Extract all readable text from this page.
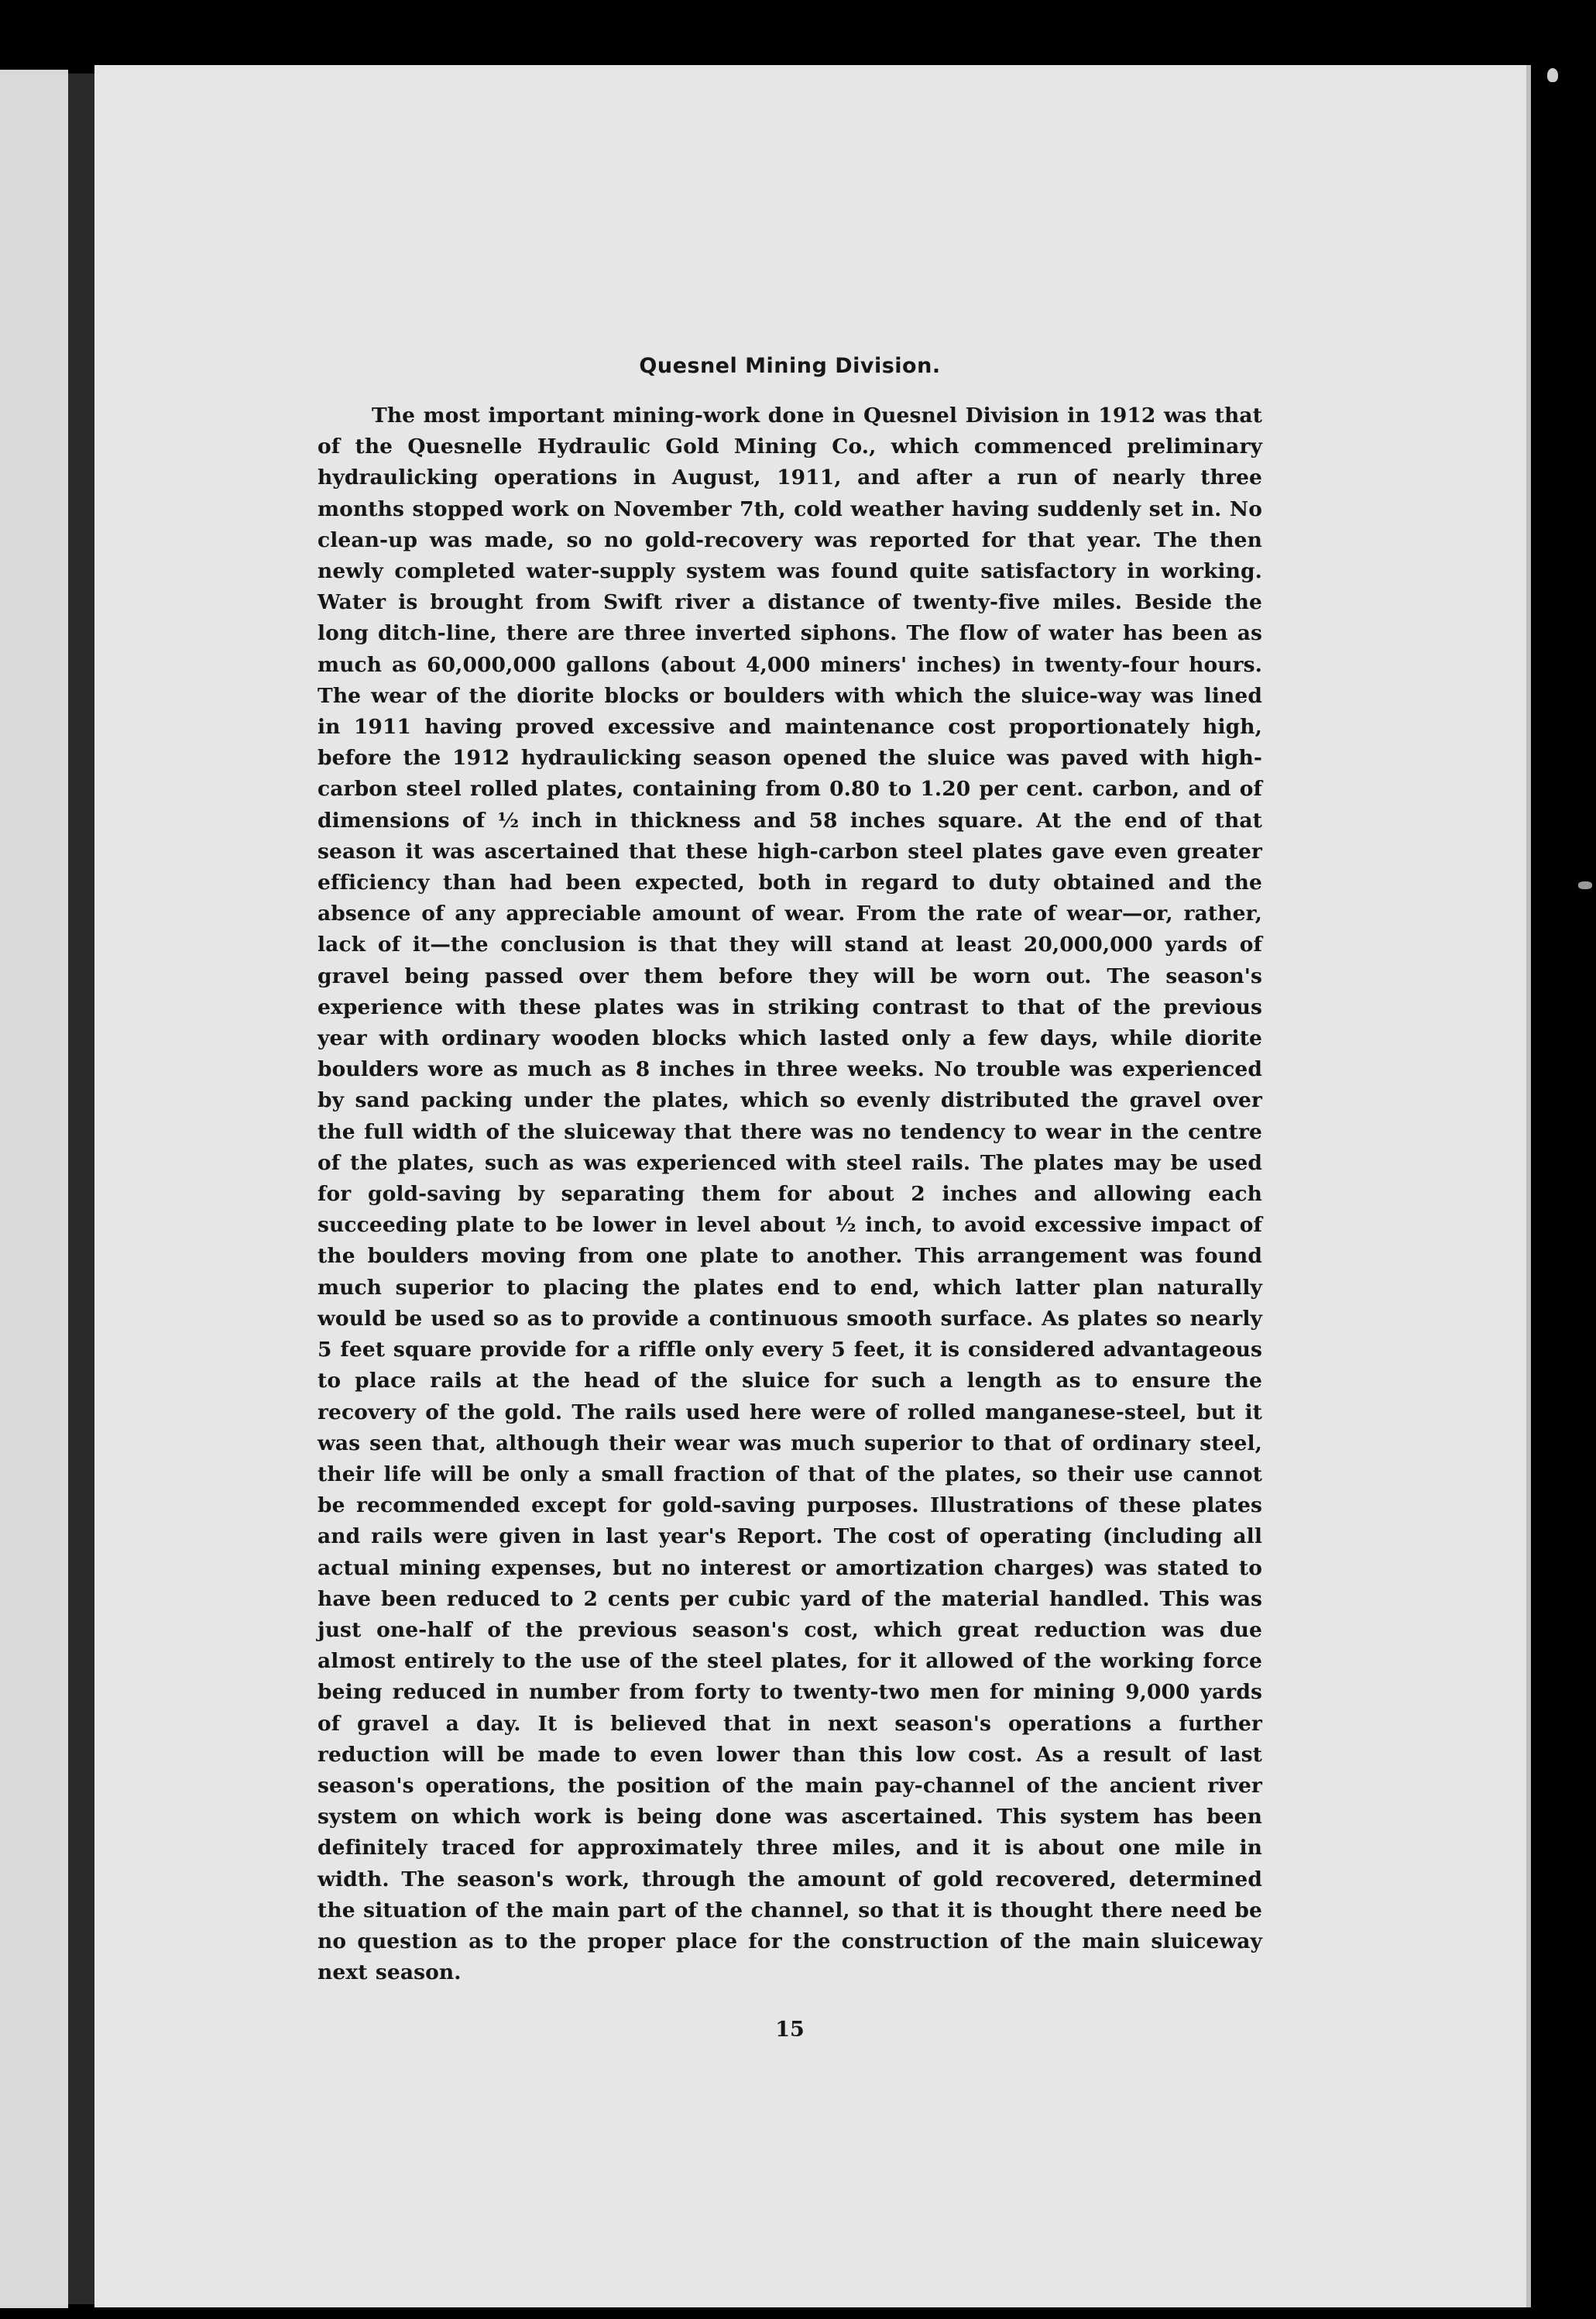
Quesnel Mining Division.

The most important mining-work done in Quesnel Division in 1912 was that of the Quesnelle Hydraulic Gold Mining Co., which commenced preliminary hydraulicking operations in August, 1911, and after a run of nearly three months stopped work on November 7th, cold weather having suddenly set in. No clean-up was made, so no gold-recovery was reported for that year. The then newly completed water-supply system was found quite satisfactory in working. Water is brought from Swift river a distance of twenty-five miles. Beside the long ditch-line, there are three inverted siphons. The flow of water has been as much as 60,000,000 gallons (about 4,000 miners' inches) in twenty-four hours. The wear of the diorite blocks or boulders with which the sluice-way was lined in 1911 having proved excessive and maintenance cost proportionately high, before the 1912 hydraulicking season opened the sluice was paved with high-carbon steel rolled plates, containing from 0.80 to 1.20 per cent. carbon, and of dimensions of ½ inch in thickness and 58 inches square. At the end of that season it was ascertained that these high-carbon steel plates gave even greater efficiency than had been expected, both in regard to duty obtained and the absence of any appreciable amount of wear. From the rate of wear—or, rather, lack of it—the conclusion is that they will stand at least 20,000,000 yards of gravel being passed over them before they will be worn out. The season's experience with these plates was in striking contrast to that of the previous year with ordinary wooden blocks which lasted only a few days, while diorite boulders wore as much as 8 inches in three weeks. No trouble was experienced by sand packing under the plates, which so evenly distributed the gravel over the full width of the sluiceway that there was no tendency to wear in the centre of the plates, such as was experienced with steel rails. The plates may be used for gold-saving by separating them for about 2 inches and allowing each succeeding plate to be lower in level about ½ inch, to avoid excessive impact of the boulders moving from one plate to another. This arrangement was found much superior to placing the plates end to end, which latter plan naturally would be used so as to provide a continuous smooth surface. As plates so nearly 5 feet square provide for a riffle only every 5 feet, it is considered advantageous to place rails at the head of the sluice for such a length as to ensure the recovery of the gold. The rails used here were of rolled manganese-steel, but it was seen that, although their wear was much superior to that of ordinary steel, their life will be only a small fraction of that of the plates, so their use cannot be recommended except for gold-saving purposes. Illustrations of these plates and rails were given in last year's Report. The cost of operating (including all actual mining expenses, but no interest or amortization charges) was stated to have been reduced to 2 cents per cubic yard of the material handled. This was just one-half of the previous season's cost, which great reduction was due almost entirely to the use of the steel plates, for it allowed of the working force being reduced in number from forty to twenty-two men for mining 9,000 yards of gravel a day. It is believed that in next season's operations a further reduction will be made to even lower than this low cost. As a result of last season's operations, the position of the main pay-channel of the ancient river system on which work is being done was ascertained. This system has been definitely traced for approximately three miles, and it is about one mile in width. The season's work, through the amount of gold recovered, determined the situation of the main part of the channel, so that it is thought there need be no question as to the proper place for the construction of the main sluiceway next season.

15
